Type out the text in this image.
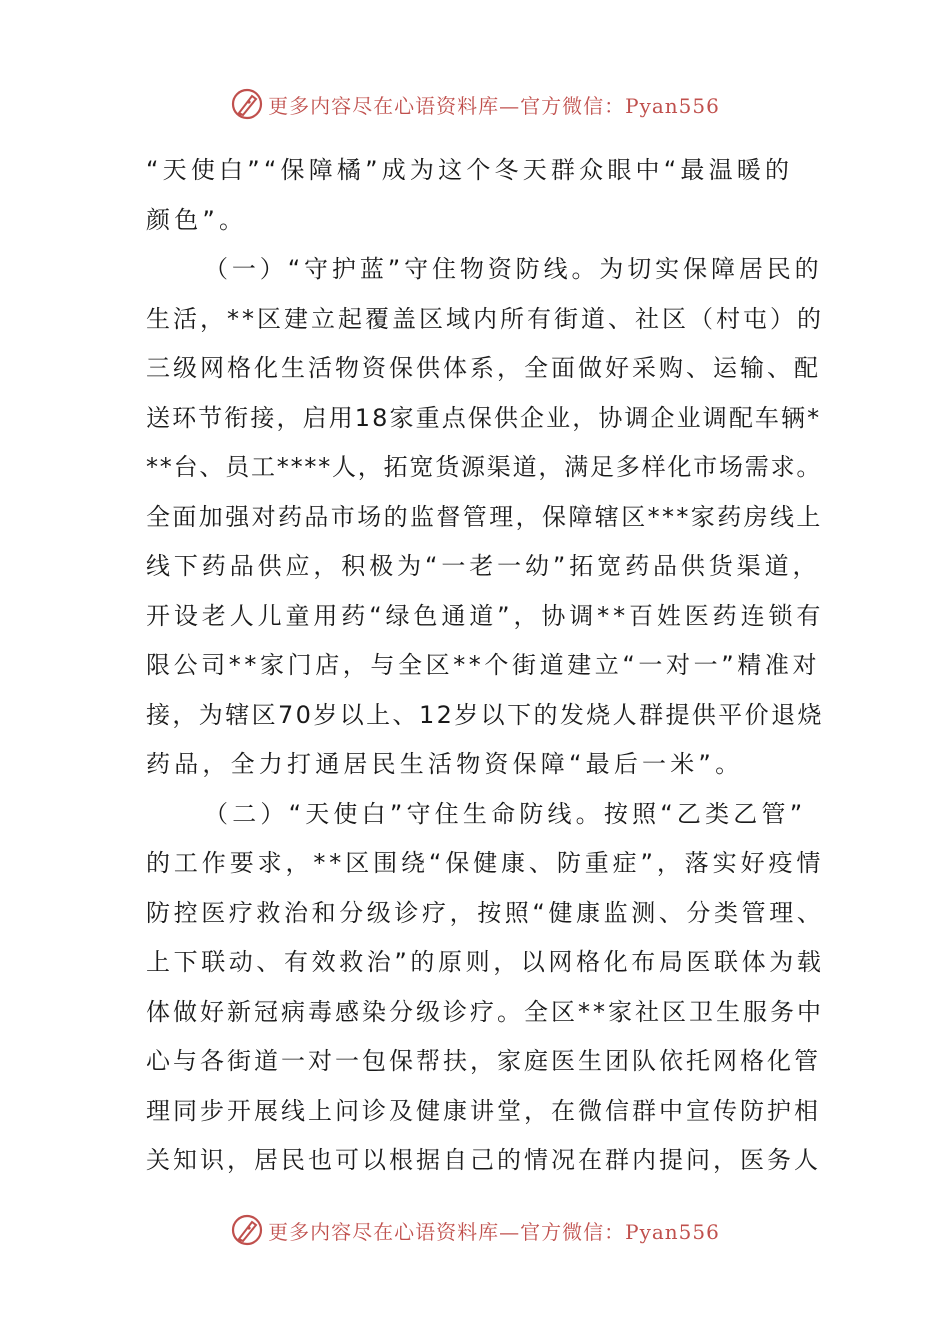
更多内容尽在心语资料库—官方微信：Pyan556
“天使白”“保障橘”成为这个冬天群众眼中“最温暖的
颜色”。
（一）“守护蓝”守住物资防线。为切实保障居民的
生活，**区建立起覆盖区域内所有街道、社区（村屯）的
三级网格化生活物资保供体系，全面做好采购、运输、配
送环节衔接，启用18家重点保供企业，协调企业调配车辆*
**台、员工****人，拓宽货源渠道，满足多样化市场需求。
全面加强对药品市场的监督管理，保障辖区***家药房线上
线下药品供应，积极为“一老一幼”拓宽药品供货渠道，
开设老人儿童用药“绿色通道”，协调**百姓医药连锁有
限公司**家门店，与全区**个街道建立“一对一”精准对
接，为辖区70岁以上、12岁以下的发烧人群提供平价退烧
药品，全力打通居民生活物资保障“最后一米”。
（二）“天使白”守住生命防线。按照“乙类乙管”
的工作要求，**区围绕“保健康、防重症”，落实好疫情
防控医疗救治和分级诊疗，按照“健康监测、分类管理、
上下联动、有效救治”的原则，以网格化布局医联体为载
体做好新冠病毒感染分级诊疗。全区**家社区卫生服务中
心与各街道一对一包保帮扶，家庭医生团队依托网格化管
理同步开展线上问诊及健康讲堂，在微信群中宣传防护相
关知识，居民也可以根据自己的情况在群内提问，医务人
更多内容尽在心语资料库—官方微信：Pyan556
